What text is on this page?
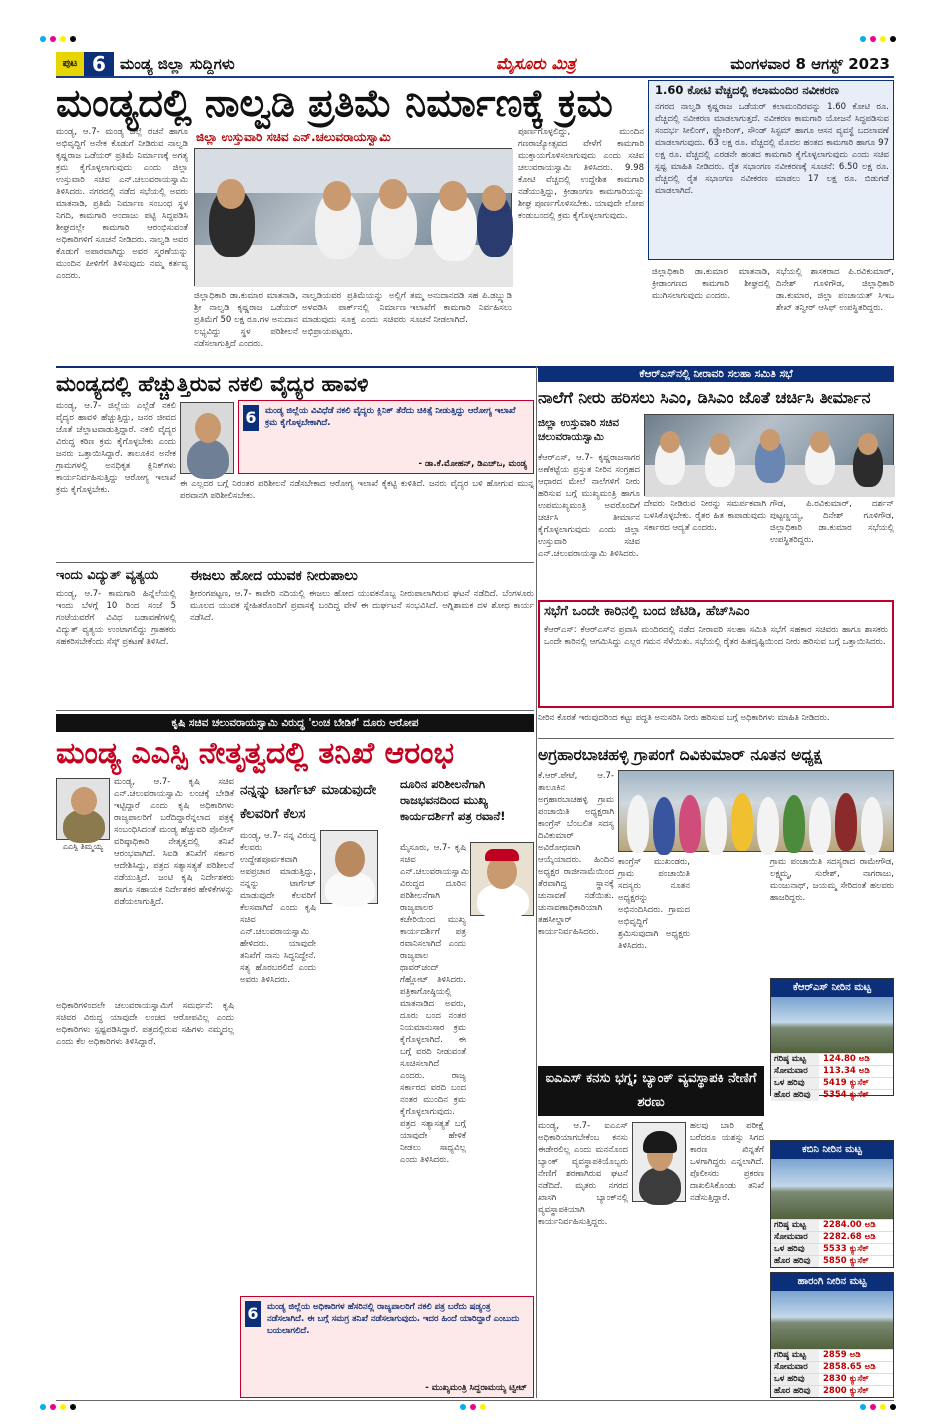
ಪುಟ 6 ಮಂಡ್ಯ ಜಿಲ್ಲಾ ಸುದ್ದಿಗಳು	ಮೈಸೂರು ಮಿತ್ರ	ಮಂಗಳವಾರ 8 ಆಗಸ್ಟ್ 2023
ಮಂಡ್ಯದಲ್ಲಿ ನಾಲ್ವಡಿ ಪ್ರತಿಮೆ ನಿರ್ಮಾಣಕ್ಕೆ ಕ್ರಮ
ಜಿಲ್ಲಾ ಉಸ್ತುವಾರಿ ಸಚಿವ ಎನ್.ಚಲುವರಾಯಸ್ವಾಮಿ
ಮಂಡ್ಯ, ಆ.7- ಮಂಡ್ಯ ಜಿಲ್ಲೆ ರಚನೆ ಹಾಗೂ ಅಭಿವೃದ್ಧಿಗೆ ಅನೇಕ ಕೊಡುಗೆ ನೀಡಿರುವ ನಾಲ್ವಡಿ ಕೃಷ್ಣರಾಜ ಒಡೆಯರ್ ಪ್ರತಿಮೆ ನಿರ್ಮಾಣಕ್ಕೆ ಅಗತ್ಯ ಕ್ರಮ ಕೈಗೊಳ್ಳಲಾಗುವುದು ಎಂದು ಜಿಲ್ಲಾ ಉಸ್ತುವಾರಿ ಸಚಿವ ಎನ್.ಚಲುವರಾಯಸ್ವಾಮಿ ತಿಳಿಸಿದರು. ನಗರದಲ್ಲಿ ನಡೆದ ಸಭೆಯಲ್ಲಿ ಅವರು ಮಾತನಾಡಿ, ಪ್ರತಿಮೆ ನಿರ್ಮಾಣ ಸಂಬಂಧ ಸ್ಥಳ ನಿಗದಿ, ಕಾಮಗಾರಿ ಅಂದಾಜು ಪಟ್ಟಿ ಸಿದ್ಧಪಡಿಸಿ ಶೀಘ್ರದಲ್ಲೇ ಕಾಮಗಾರಿ ಆರಂಭಿಸುವಂತೆ ಅಧಿಕಾರಿಗಳಿಗೆ ಸೂಚನೆ ನೀಡಿದರು. ನಾಲ್ವಡಿ ಅವರ ಕೊಡುಗೆ ಅಪಾರವಾಗಿದ್ದು ಅವರ ಸ್ಮರಣೆಯನ್ನು ಮುಂದಿನ ಪೀಳಿಗೆಗೆ ತಿಳಿಸುವುದು ನಮ್ಮ ಕರ್ತವ್ಯ ಎಂದರು.
ಜಿಲ್ಲಾಧಿಕಾರಿ ಡಾ.ಕುಮಾರ ಮಾತನಾಡಿ, ಶ್ರೀ ನಾಲ್ವಡಿ ಕೃಷ್ಣರಾಜ ಒಡೆಯರ್ ಪ್ರತಿಮೆಗೆ 50 ಲಕ್ಷ ರೂ.ಗಳ ಅನುದಾನ ಲಭ್ಯವಿದ್ದು ಸ್ಥಳ ಪರಿಶೀಲನೆ ನಡೆಸಲಾಗುತ್ತಿದೆ ಎಂದರು.
ನಾಲ್ವಡಿಯವರ ಪ್ರತಿಮೆಯನ್ನು ಅಲ್ಲಿಗೆ ಅಳವಡಿಸಿ ಪಾರ್ಕ್‌ನಲ್ಲಿ ನಿರ್ಮಾಣ ಮಾಡುವುದು ಸೂಕ್ತ ಎಂದು ಸಚಿವರು ಅಭಿಪ್ರಾಯಪಟ್ಟರು.
ತಮ್ಮ ಅನುದಾನದಡಿ ಸಹ ಪಿ.ಡಬ್ಲ್ಯುಡಿ ಇಲಾಖೆಗೆ ಕಾಮಗಾರಿ ನಿರ್ವಹಿಸಲು ಸೂಚನೆ ನೀಡಲಾಗಿದೆ.
ಪೂರ್ಣಗೊಳ್ಳಲಿದ್ದು, ಮುಂದಿನ ಗಣರಾಜ್ಯೋತ್ಸವದ ವೇಳೆಗೆ ಕಾಮಗಾರಿ ಮುಕ್ತಾಯಗೊಳಿಸಲಾಗುವುದು ಎಂದು ಸಚಿವ ಚಲುವರಾಯಸ್ವಾಮಿ ತಿಳಿಸಿದರು. 9.98 ಕೋಟಿ ವೆಚ್ಚದಲ್ಲಿ ಉದ್ದೇಶಿತ ಕಾಮಗಾರಿ ನಡೆಯುತ್ತಿದ್ದು, ಕ್ರೀಡಾಂಗಣ ಕಾಮಗಾರಿಯನ್ನು ಶೀಘ್ರ ಪೂರ್ಣಗೊಳಿಸಬೇಕು. ಯಾವುದೇ ಲೋಪ ಕಂಡುಬಂದಲ್ಲಿ ಕ್ರಮ ಕೈಗೊಳ್ಳಲಾಗುವುದು.
1.60 ಕೋಟಿ ವೆಚ್ಚದಲ್ಲಿ ಕಲಾಮಂದಿರ ನವೀಕರಣ
ನಗರದ ನಾಲ್ವಡಿ ಕೃಷ್ಣರಾಜ ಒಡೆಯರ್ ಕಲಾಮಂದಿರವನ್ನು 1.60 ಕೋಟಿ ರೂ. ವೆಚ್ಚದಲ್ಲಿ ನವೀಕರಣ ಮಾಡಲಾಗುತ್ತದೆ. ನವೀಕರಣ ಕಾಮಗಾರಿ ಯೋಜನೆ ಸಿದ್ಧಪಡಿಸುವ ಸಂದರ್ಭ ಸೀಲಿಂಗ್, ಫ್ಲೋರಿಂಗ್, ಸೌಂಡ್ ಸಿಸ್ಟಮ್ ಹಾಗೂ ಆಸನ ವ್ಯವಸ್ಥೆ ಬದಲಾವಣೆ ಮಾಡಲಾಗುವುದು. 63 ಲಕ್ಷ ರೂ. ವೆಚ್ಚದಲ್ಲಿ ಮೊದಲ ಹಂತದ ಕಾಮಗಾರಿ ಹಾಗೂ 97 ಲಕ್ಷ ರೂ. ವೆಚ್ಚದಲ್ಲಿ ಎರಡನೇ ಹಂತದ ಕಾಮಗಾರಿ ಕೈಗೊಳ್ಳಲಾಗುವುದು ಎಂದು ಸಚಿವ ಸ್ಪಷ್ಟ ಮಾಹಿತಿ ನೀಡಿದರು. ರೈತ ಸಭಾಂಗಣ ನವೀಕರಣಕ್ಕೆ ಸೂಚನೆ: 6.50 ಲಕ್ಷ ರೂ. ವೆಚ್ಚದಲ್ಲಿ ರೈತ ಸಭಾಂಗಣ ನವೀಕರಣ ಮಾಡಲು 17 ಲಕ್ಷ ರೂ. ಬಿಡುಗಡೆ ಮಾಡಲಾಗಿದೆ.
ಜಿಲ್ಲಾಧಿಕಾರಿ ಡಾ.ಕುಮಾರ ಮಾತನಾಡಿ, ಕ್ರೀಡಾಂಗಣದ ಕಾಮಗಾರಿ ಶೀಘ್ರದಲ್ಲಿ ಮುಗಿಸಲಾಗುವುದು ಎಂದರು.
ಸಭೆಯಲ್ಲಿ ಶಾಸಕರಾದ ಪಿ.ರವಿಕುಮಾರ್, ದಿನೇಶ್ ಗೂಳಿಗೌಡ, ಜಿಲ್ಲಾಧಿಕಾರಿ ಡಾ.ಕುಮಾರ, ಜಿಲ್ಲಾ ಪಂಚಾಯತ್ ಸಿಇಒ ಶೇಖ್ ತನ್ವೀರ್ ಆಸಿಫ್ ಉಪಸ್ಥಿತರಿದ್ದರು.
ಮಂಡ್ಯದಲ್ಲಿ ಹೆಚ್ಚುತ್ತಿರುವ ನಕಲಿ ವೈದ್ಯರ ಹಾವಳಿ
ಮಂಡ್ಯ, ಆ.7- ಜಿಲ್ಲೆಯ ಎಲ್ಲೆಡೆ ನಕಲಿ ವೈದ್ಯರ ಹಾವಳಿ ಹೆಚ್ಚುತ್ತಿದ್ದು, ಜನರ ಜೀವದ ಜೊತೆ ಚೆಲ್ಲಾಟವಾಡುತ್ತಿದ್ದಾರೆ. ನಕಲಿ ವೈದ್ಯರ ವಿರುದ್ಧ ಕಠಿಣ ಕ್ರಮ ಕೈಗೊಳ್ಳಬೇಕು ಎಂದು ಜನರು ಒತ್ತಾಯಿಸಿದ್ದಾರೆ. ತಾಲೂಕಿನ ಅನೇಕ ಗ್ರಾಮಗಳಲ್ಲಿ ಅನಧಿಕೃತ ಕ್ಲಿನಿಕ್‌ಗಳು ಕಾರ್ಯನಿರ್ವಹಿಸುತ್ತಿದ್ದು ಆರೋಗ್ಯ ಇಲಾಖೆ ಕ್ರಮ ಕೈಗೊಳ್ಳಬೇಕು.
6 ಮಂಡ್ಯ ಜಿಲ್ಲೆಯ ವಿವಿಧೆಡೆ ನಕಲಿ ವೈದ್ಯರು ಕ್ಲಿನಿಕ್ ತೆರೆದು ಚಿಕಿತ್ಸೆ ನೀಡುತ್ತಿದ್ದು ಆರೋಗ್ಯ ಇಲಾಖೆ ಕ್ರಮ ಕೈಗೊಳ್ಳಬೇಕಾಗಿದೆ.
- ಡಾ.ಕೆ.ಮೋಹನ್, ಡಿಎಚ್‌ಒ, ಮಂಡ್ಯ
ಈ ಎಲ್ಲದರ ಬಗ್ಗೆ ನಿರಂತರ ಪರಿಶೀಲನೆ ನಡೆಸಬೇಕಾದ ಆರೋಗ್ಯ ಇಲಾಖೆ ಕೈಕಟ್ಟಿ ಕುಳಿತಿದೆ. ಜನರು ವೈದ್ಯರ ಬಳಿ ಹೋಗುವ ಮುನ್ನ ಪರವಾನಗಿ ಪರಿಶೀಲಿಸಬೇಕು.
ಇಂದು ವಿದ್ಯುತ್ ವ್ಯತ್ಯಯ
ಮಂಡ್ಯ, ಆ.7- ಕಾಮಗಾರಿ ಹಿನ್ನೆಲೆಯಲ್ಲಿ ಇಂದು ಬೆಳಗ್ಗೆ 10 ರಿಂದ ಸಂಜೆ 5 ಗಂಟೆಯವರೆಗೆ ವಿವಿಧ ಬಡಾವಣೆಗಳಲ್ಲಿ ವಿದ್ಯುತ್ ವ್ಯತ್ಯಯ ಉಂಟಾಗಲಿದ್ದು ಗ್ರಾಹಕರು ಸಹಕರಿಸಬೇಕೆಂದು ಸೆಸ್ಕ್ ಪ್ರಕಟಣೆ ತಿಳಿಸಿದೆ.
ಈಜಲು ಹೋದ ಯುವಕ ನೀರುಪಾಲು
ಶ್ರೀರಂಗಪಟ್ಟಣ, ಆ.7- ಕಾವೇರಿ ನದಿಯಲ್ಲಿ ಈಜಲು ಹೋದ ಯುವಕನೊಬ್ಬ ನೀರುಪಾಲಾಗಿರುವ ಘಟನೆ ನಡೆದಿದೆ. ಬೆಂಗಳೂರು ಮೂಲದ ಯುವಕ ಸ್ನೇಹಿತರೊಂದಿಗೆ ಪ್ರವಾಸಕ್ಕೆ ಬಂದಿದ್ದ ವೇಳೆ ಈ ದುರ್ಘಟನೆ ಸಂಭವಿಸಿದೆ. ಅಗ್ನಿಶಾಮಕ ದಳ ಶೋಧ ಕಾರ್ಯ ನಡೆಸಿದೆ.
ಕೆಆರ್‌ಎಸ್‌ನಲ್ಲಿ ನೀರಾವರಿ ಸಲಹಾ ಸಮಿತಿ ಸಭೆ
ನಾಲೆಗೆ ನೀರು ಹರಿಸಲು ಸಿಎಂ, ಡಿಸಿಎಂ ಜೊತೆ ಚರ್ಚಿಸಿ ತೀರ್ಮಾನ
ಜಿಲ್ಲಾ ಉಸ್ತುವಾರಿ ಸಚಿವ ಚಲುವರಾಯಸ್ವಾಮಿ
ಕೆಆರ್‌ಎಸ್, ಆ.7- ಕೃಷ್ಣರಾಜಸಾಗರ ಅಣೆಕಟ್ಟೆಯ ಪ್ರಸ್ತುತ ನೀರಿನ ಸಂಗ್ರಹದ ಆಧಾರದ ಮೇಲೆ ನಾಲೆಗಳಿಗೆ ನೀರು ಹರಿಸುವ ಬಗ್ಗೆ ಮುಖ್ಯಮಂತ್ರಿ ಹಾಗೂ ಉಪಮುಖ್ಯಮಂತ್ರಿ ಅವರೊಂದಿಗೆ ಚರ್ಚಿಸಿ ತೀರ್ಮಾನ ಕೈಗೊಳ್ಳಲಾಗುವುದು ಎಂದು ಜಿಲ್ಲಾ ಉಸ್ತುವಾರಿ ಸಚಿವ ಎನ್.ಚಲುವರಾಯಸ್ವಾಮಿ ತಿಳಿಸಿದರು.
ದೇವರು ನೀಡಿರುವ ನೀರನ್ನು ಸಮರ್ಪಕವಾಗಿ ಬಳಸಿಕೊಳ್ಳಬೇಕು. ರೈತರ ಹಿತ ಕಾಪಾಡುವುದು ಸರ್ಕಾರದ ಆದ್ಯತೆ ಎಂದರು.
ಗೌಡ, ಪಿ.ರವಿಕುಮಾರ್, ದರ್ಶನ್ ಪುಟ್ಟಣ್ಣಯ್ಯ, ದಿನೇಶ್ ಗೂಳಿಗೌಡ, ಜಿಲ್ಲಾಧಿಕಾರಿ ಡಾ.ಕುಮಾರ ಸಭೆಯಲ್ಲಿ ಉಪಸ್ಥಿತರಿದ್ದರು.
ಸಭೆಗೆ ಒಂದೇ ಕಾರಿನಲ್ಲಿ ಬಂದ ಜೆಟಿಡಿ, ಹೆಚ್‌ಸಿಎಂ
ಕೆಆರ್‌ಎಸ್: ಕೆಆರ್‌ಎಸ್‌ನ ಪ್ರವಾಸಿ ಮಂದಿರದಲ್ಲಿ ನಡೆದ ನೀರಾವರಿ ಸಲಹಾ ಸಮಿತಿ ಸಭೆಗೆ ಸಹಕಾರ ಸಚಿವರು ಹಾಗೂ ಶಾಸಕರು ಒಂದೇ ಕಾರಿನಲ್ಲಿ ಆಗಮಿಸಿದ್ದು ಎಲ್ಲರ ಗಮನ ಸೆಳೆಯಿತು. ಸಭೆಯಲ್ಲಿ ರೈತರ ಹಿತದೃಷ್ಟಿಯಿಂದ ನೀರು ಹರಿಸುವ ಬಗ್ಗೆ ಒತ್ತಾಯಿಸಿದರು.
ನೀರಿನ ಕೊರತೆ ಇರುವುದರಿಂದ ಕಟ್ಟು ಪದ್ಧತಿ ಅನುಸರಿಸಿ ನೀರು ಹರಿಸುವ ಬಗ್ಗೆ ಅಧಿಕಾರಿಗಳು ಮಾಹಿತಿ ನೀಡಿದರು.
ಕೃಷಿ ಸಚಿವ ಚಲುವರಾಯಸ್ವಾಮಿ ವಿರುದ್ಧ 'ಲಂಚ ಬೇಡಿಕೆ' ದೂರು ಆರೋಪ
ಮಂಡ್ಯ ಎಎಸ್ಪಿ ನೇತೃತ್ವದಲ್ಲಿ ತನಿಖೆ ಆರಂಭ
ಎಎಸ್ಪಿ ತಿಮ್ಮಯ್ಯ
ಮಂಡ್ಯ, ಆ.7- ಕೃಷಿ ಸಚಿವ ಎನ್.ಚಲುವರಾಯಸ್ವಾಮಿ ಲಂಚಕ್ಕೆ ಬೇಡಿಕೆ ಇಟ್ಟಿದ್ದಾರೆ ಎಂದು ಕೃಷಿ ಅಧಿಕಾರಿಗಳು ರಾಜ್ಯಪಾಲರಿಗೆ ಬರೆದಿದ್ದಾರೆನ್ನಲಾದ ಪತ್ರಕ್ಕೆ ಸಂಬಂಧಿಸಿದಂತೆ ಮಂಡ್ಯ ಹೆಚ್ಚುವರಿ ಪೊಲೀಸ್ ವರಿಷ್ಠಾಧಿಕಾರಿ ನೇತೃತ್ವದಲ್ಲಿ ತನಿಖೆ ಆರಂಭವಾಗಿದೆ. ಸಿಐಡಿ ತನಿಖೆಗೆ ಸರ್ಕಾರ ಆದೇಶಿಸಿದ್ದು, ಪತ್ರದ ಸತ್ಯಾಸತ್ಯತೆ ಪರಿಶೀಲನೆ ನಡೆಯುತ್ತಿದೆ. ಜಂಟಿ ಕೃಷಿ ನಿರ್ದೇಶಕರು ಹಾಗೂ ಸಹಾಯಕ ನಿರ್ದೇಶಕರ ಹೇಳಿಕೆಗಳನ್ನು ಪಡೆಯಲಾಗುತ್ತಿದೆ.
ಅಧಿಕಾರಿಗಳಿಂದಲೇ ಚಲುವರಾಯಸ್ವಾಮಿಗೆ ಸಮರ್ಥನೆ: ಕೃಷಿ ಸಚಿವರ ವಿರುದ್ಧ ಯಾವುದೇ ಲಂಚದ ಆರೋಪವಿಲ್ಲ ಎಂದು ಅಧಿಕಾರಿಗಳು ಸ್ಪಷ್ಟಪಡಿಸಿದ್ದಾರೆ. ಪತ್ರದಲ್ಲಿರುವ ಸಹಿಗಳು ನಮ್ಮದಲ್ಲ ಎಂದು ಕೆಲ ಅಧಿಕಾರಿಗಳು ತಿಳಿಸಿದ್ದಾರೆ.
ನನ್ನನ್ನು ಟಾರ್ಗೆಟ್ ಮಾಡುವುದೇ ಕೆಲವರಿಗೆ ಕೆಲಸ
ಮಂಡ್ಯ, ಆ.7- ನನ್ನ ವಿರುದ್ಧ ಕೆಲವರು ಉದ್ದೇಶಪೂರ್ವಕವಾಗಿ ಅಪಪ್ರಚಾರ ಮಾಡುತ್ತಿದ್ದು, ನನ್ನನ್ನು ಟಾರ್ಗೆಟ್ ಮಾಡುವುದೇ ಕೆಲವರಿಗೆ ಕೆಲಸವಾಗಿದೆ ಎಂದು ಕೃಷಿ ಸಚಿವ ಎನ್.ಚಲುವರಾಯಸ್ವಾಮಿ ಹೇಳಿದರು. ಯಾವುದೇ ತನಿಖೆಗೆ ನಾನು ಸಿದ್ಧನಿದ್ದೇನೆ. ಸತ್ಯ ಹೊರಬರಲಿದೆ ಎಂದು ಅವರು ತಿಳಿಸಿದರು.
ದೂರಿನ ಪರಿಶೀಲನೆಗಾಗಿ ರಾಜಭವನದಿಂದ ಮುಖ್ಯ ಕಾರ್ಯದರ್ಶಿಗೆ ಪತ್ರ ರವಾನೆ!
ಮೈಸೂರು, ಆ.7- ಕೃಷಿ ಸಚಿವ ಎನ್.ಚಲುವರಾಯಸ್ವಾಮಿ ವಿರುದ್ಧದ ದೂರಿನ ಪರಿಶೀಲನೆಗಾಗಿ ರಾಜ್ಯಪಾಲರ ಕಚೇರಿಯಿಂದ ಮುಖ್ಯ ಕಾರ್ಯದರ್ಶಿಗೆ ಪತ್ರ ರವಾನಿಸಲಾಗಿದೆ ಎಂದು ರಾಜ್ಯಪಾಲ ಥಾವರ್‌ಚಂದ್ ಗೆಹ್ಲೋಟ್ ತಿಳಿಸಿದರು. ಪತ್ರಿಕಾಗೋಷ್ಠಿಯಲ್ಲಿ ಮಾತನಾಡಿದ ಅವರು, ದೂರು ಬಂದ ನಂತರ ನಿಯಮಾನುಸಾರ ಕ್ರಮ ಕೈಗೊಳ್ಳಲಾಗಿದೆ. ಈ ಬಗ್ಗೆ ವರದಿ ನೀಡುವಂತೆ ಸೂಚಿಸಲಾಗಿದೆ ಎಂದರು. ರಾಜ್ಯ ಸರ್ಕಾರದ ವರದಿ ಬಂದ ನಂತರ ಮುಂದಿನ ಕ್ರಮ ಕೈಗೊಳ್ಳಲಾಗುವುದು. ಪತ್ರದ ಸತ್ಯಾಸತ್ಯತೆ ಬಗ್ಗೆ ಯಾವುದೇ ಹೇಳಿಕೆ ನೀಡಲು ಸಾಧ್ಯವಿಲ್ಲ ಎಂದು ತಿಳಿಸಿದರು.
6 ಮಂಡ್ಯ ಜಿಲ್ಲೆಯ ಅಧಿಕಾರಿಗಳ ಹೆಸರಿನಲ್ಲಿ ರಾಜ್ಯಪಾಲರಿಗೆ ನಕಲಿ ಪತ್ರ ಬರೆದು ಷಡ್ಯಂತ್ರ ನಡೆಸಲಾಗಿದೆ. ಈ ಬಗ್ಗೆ ಸಮಗ್ರ ತನಿಖೆ ನಡೆಸಲಾಗುವುದು. ಇದರ ಹಿಂದೆ ಯಾರಿದ್ದಾರೆ ಎಂಬುದು ಬಯಲಾಗಲಿದೆ.
- ಮುಖ್ಯಮಂತ್ರಿ ಸಿದ್ದರಾಮಯ್ಯ ಟ್ವೀಟ್
ಅಗ್ರಹಾರಬಾಚಹಳ್ಳಿ ಗ್ರಾಪಂಗೆ ದಿವಿಕುಮಾರ್ ನೂತನ ಅಧ್ಯಕ್ಷ
ಕೆ.ಆರ್.ಪೇಟೆ, ಆ.7- ತಾಲೂಕಿನ ಅಗ್ರಹಾರಬಾಚಹಳ್ಳಿ ಗ್ರಾಮ ಪಂಚಾಯಿತಿ ಅಧ್ಯಕ್ಷರಾಗಿ ಕಾಂಗ್ರೆಸ್ ಬೆಂಬಲಿತ ಸದಸ್ಯ ದಿವಿಕುಮಾರ್ ಅವಿರೋಧವಾಗಿ ಆಯ್ಕೆಯಾದರು. ಹಿಂದಿನ ಅಧ್ಯಕ್ಷರ ರಾಜೀನಾಮೆಯಿಂದ ತೆರವಾಗಿದ್ದ ಸ್ಥಾನಕ್ಕೆ ಚುನಾವಣೆ ನಡೆಯಿತು. ಚುನಾವಣಾಧಿಕಾರಿಯಾಗಿ ತಹಸೀಲ್ದಾರ್ ಕಾರ್ಯನಿರ್ವಹಿಸಿದರು.
ಕಾಂಗ್ರೆಸ್ ಮುಖಂಡರು, ಗ್ರಾಮ ಪಂಚಾಯಿತಿ ಸದಸ್ಯರು ನೂತನ ಅಧ್ಯಕ್ಷರನ್ನು ಅಭಿನಂದಿಸಿದರು. ಗ್ರಾಮದ ಅಭಿವೃದ್ಧಿಗೆ ಶ್ರಮಿಸುವುದಾಗಿ ಅಧ್ಯಕ್ಷರು ತಿಳಿಸಿದರು.
ಗ್ರಾಮ ಪಂಚಾಯಿತಿ ಸದಸ್ಯರಾದ ರಾಮೇಗೌಡ, ಲಕ್ಷ್ಮಮ್ಮ, ಸುರೇಶ್, ನಾಗರಾಜು, ಮಂಜುನಾಥ್, ಜಯಮ್ಮ ಸೇರಿದಂತೆ ಹಲವರು ಹಾಜರಿದ್ದರು.
ಐಎಎಸ್ ಕನಸು ಭಗ್ನ; ಬ್ಯಾಂಕ್ ವ್ಯವಸ್ಥಾಪಕಿ ನೇಣಿಗೆ ಶರಣು
ಮಂಡ್ಯ, ಆ.7- ಐಎಎಸ್ ಅಧಿಕಾರಿಯಾಗಬೇಕೆಂಬ ಕನಸು ಈಡೇರಲಿಲ್ಲ ಎಂದು ಮನನೊಂದ ಬ್ಯಾಂಕ್ ವ್ಯವಸ್ಥಾಪಕಿಯೊಬ್ಬರು ನೇಣಿಗೆ ಶರಣಾಗಿರುವ ಘಟನೆ ನಡೆದಿದೆ. ಮೃತರು ನಗರದ ಖಾಸಗಿ ಬ್ಯಾಂಕ್‌ನಲ್ಲಿ ವ್ಯವಸ್ಥಾಪಕಿಯಾಗಿ ಕಾರ್ಯನಿರ್ವಹಿಸುತ್ತಿದ್ದರು.
ಹಲವು ಬಾರಿ ಪರೀಕ್ಷೆ ಬರೆದರೂ ಯಶಸ್ಸು ಸಿಗದ ಕಾರಣ ಖಿನ್ನತೆಗೆ ಒಳಗಾಗಿದ್ದರು ಎನ್ನಲಾಗಿದೆ. ಪೊಲೀಸರು ಪ್ರಕರಣ ದಾಖಲಿಸಿಕೊಂಡು ತನಿಖೆ ನಡೆಸುತ್ತಿದ್ದಾರೆ.
ಕೆಆರ್‌ಎಸ್ ನೀರಿನ ಮಟ್ಟ
ಗರಿಷ್ಠ ಮಟ್ಟ	124.80 ಅಡಿ
ಸೋಮವಾರ	113.34 ಅಡಿ
ಒಳ ಹರಿವು	5419 ಕ್ಯುಸೆಕ್
ಹೊರ ಹರಿವು	5354 ಕ್ಯುಸೆಕ್
ಕಬಿನಿ ನೀರಿನ ಮಟ್ಟ
ಗರಿಷ್ಠ ಮಟ್ಟ	2284.00 ಅಡಿ
ಸೋಮವಾರ	2282.68 ಅಡಿ
ಒಳ ಹರಿವು	5533 ಕ್ಯುಸೆಕ್
ಹೊರ ಹರಿವು	5850 ಕ್ಯುಸೆಕ್
ಹಾರಂಗಿ ನೀರಿನ ಮಟ್ಟ
ಗರಿಷ್ಠ ಮಟ್ಟ	2859 ಅಡಿ
ಸೋಮವಾರ	2858.65 ಅಡಿ
ಒಳ ಹರಿವು	2830 ಕ್ಯುಸೆಕ್
ಹೊರ ಹರಿವು	2800 ಕ್ಯುಸೆಕ್
